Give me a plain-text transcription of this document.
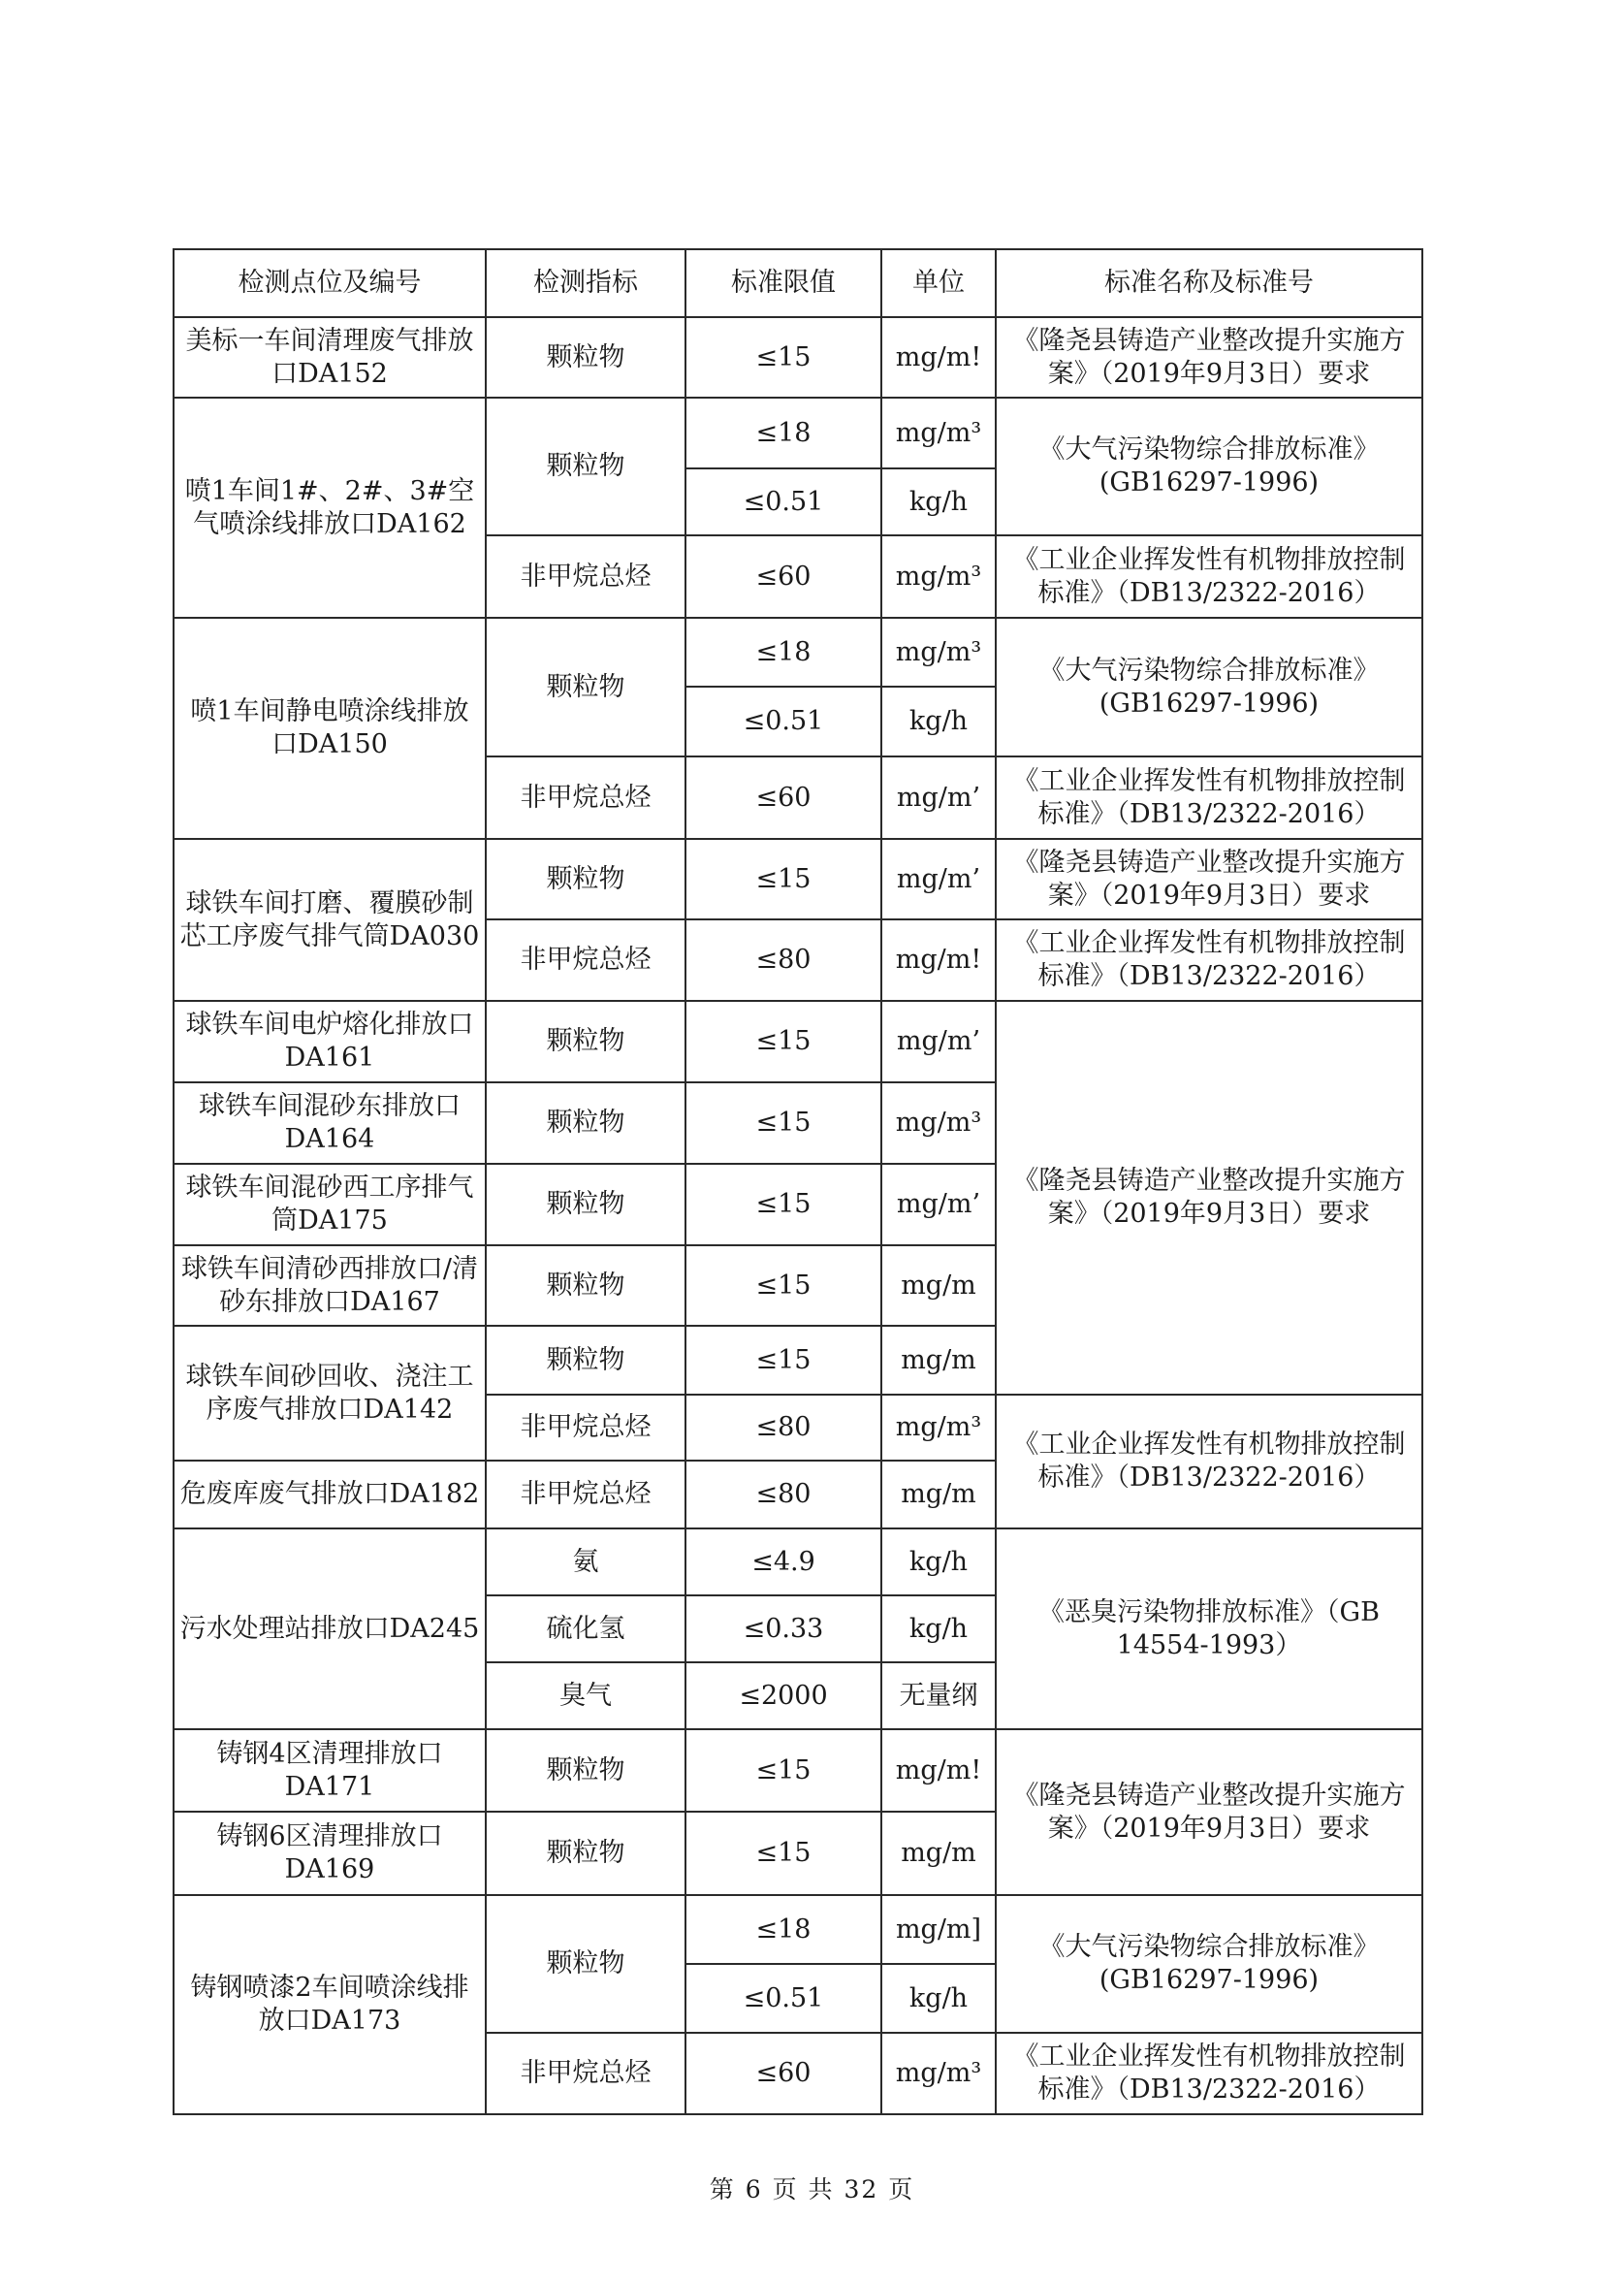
检测点位及编号	检测指标	标准限值	单位	标准名称及标准号
美标一车间清理废气排放口DA152	颗粒物	≤15	mg/m!	《隆尧县铸造产业整改提升实施方案》（2019年9月3日）要求
喷1车间1#、2#、3#空气喷涂线排放口DA162	颗粒物	≤18	mg/m³	《大气污染物综合排放标准》(GB16297-1996)
		≤0.51	kg/h	
	非甲烷总烃	≤60	mg/m³	《工业企业挥发性有机物排放控制标准》（DB13/2322-2016）
喷1车间静电喷涂线排放口DA150	颗粒物	≤18	mg/m³	《大气污染物综合排放标准》(GB16297-1996)
		≤0.51	kg/h	
	非甲烷总烃	≤60	mg/m’	《工业企业挥发性有机物排放控制标准》（DB13/2322-2016）
球铁车间打磨、覆膜砂制芯工序废气排气筒DA030	颗粒物	≤15	mg/m’	《隆尧县铸造产业整改提升实施方案》（2019年9月3日）要求
	非甲烷总烃	≤80	mg/m!	《工业企业挥发性有机物排放控制标准》（DB13/2322-2016）
球铁车间电炉熔化排放口DA161	颗粒物	≤15	mg/m’	《隆尧县铸造产业整改提升实施方案》（2019年9月3日）要求
球铁车间混砂东排放口DA164	颗粒物	≤15	mg/m³	
球铁车间混砂西工序排气筒DA175	颗粒物	≤15	mg/m’	
球铁车间清砂西排放口/清砂东排放口DA167	颗粒物	≤15	mg/m	
球铁车间砂回收、浇注工序废气排放口DA142	颗粒物	≤15	mg/m	
	非甲烷总烃	≤80	mg/m³	《工业企业挥发性有机物排放控制标准》（DB13/2322-2016）
危废库废气排放口DA182	非甲烷总烃	≤80	mg/m	
污水处理站排放口DA245	氨	≤4.9	kg/h	《恶臭污染物排放标准》（GB 14554-1993）
	硫化氢	≤0.33	kg/h	
	臭气	≤2000	无量纲	
铸钢4区清理排放口DA171	颗粒物	≤15	mg/m!	《隆尧县铸造产业整改提升实施方案》（2019年9月3日）要求
铸钢6区清理排放口DA169	颗粒物	≤15	mg/m	
铸钢喷漆2车间喷涂线排放口DA173	颗粒物	≤18	mg/m]	《大气污染物综合排放标准》(GB16297-1996)
		≤0.51	kg/h	
	非甲烷总烃	≤60	mg/m³	《工业企业挥发性有机物排放控制标准》（DB13/2322-2016）
第 6 页 共 32 页
